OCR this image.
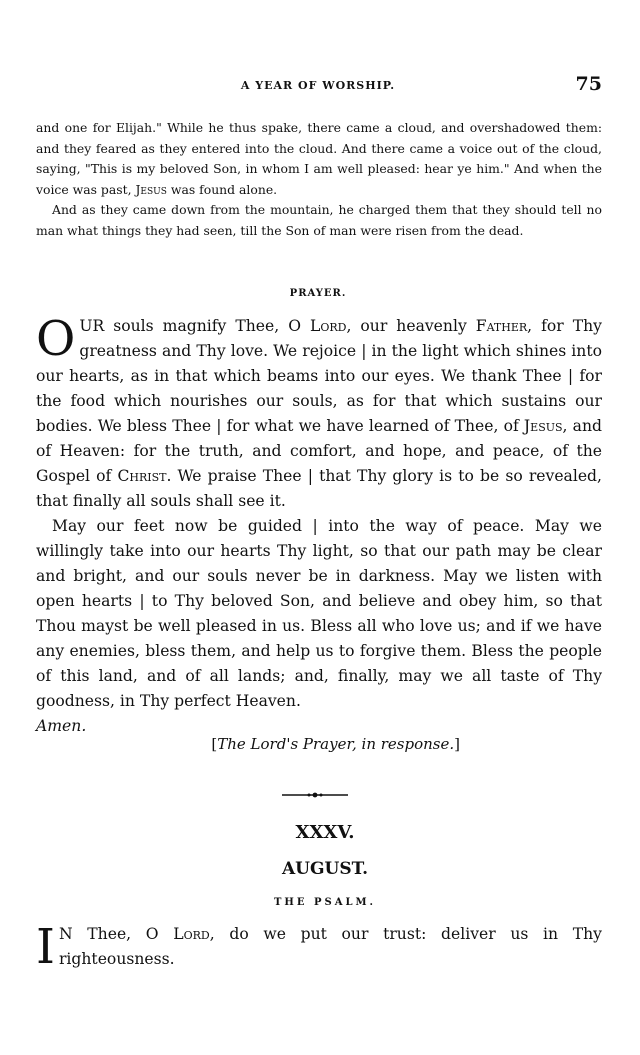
A YEAR OF WORSHIP.	75

and one for Elijah." While he thus spake, there came a cloud, and overshadowed them: and they feared as they entered into the cloud. And there came a voice out of the cloud, saying, "This is my beloved Son, in whom I am well pleased: hear ye him." And when the voice was past, Jesus was found alone.

And as they came down from the mountain, he charged them that they should tell no man what things they had seen, till the Son of man were risen from the dead.

PRAYER.

OUR souls magnify Thee, O Lord, our heavenly Father, for Thy greatness and Thy love. We rejoice | in the light which shines into our hearts, as in that which beams into our eyes. We thank Thee | for the food which nourishes our souls, as for that which sustains our bodies. We bless Thee | for what we have learned of Thee, of Jesus, and of Heaven: for the truth, and comfort, and hope, and peace, of the Gospel of Christ. We praise Thee | that Thy glory is to be so revealed, that finally all souls shall see it.

May our feet now be guided | into the way of peace. May we willingly take into our hearts Thy light, so that our path may be clear and bright, and our souls never be in darkness. May we listen with open hearts | to Thy beloved Son, and believe and obey him, so that Thou mayst be well pleased in us. Bless all who love us; and if we have any enemies, bless them, and help us to forgive them. Bless the people of this land, and of all lands; and, finally, may we all taste of Thy goodness, in Thy perfect Heaven.
Amen.

[The Lord's Prayer, in response.]
XXXV.
AUGUST.
THE PSALM.

I N Thee, O Lord, do we put our trust: deliver us in Thy righteousness.
